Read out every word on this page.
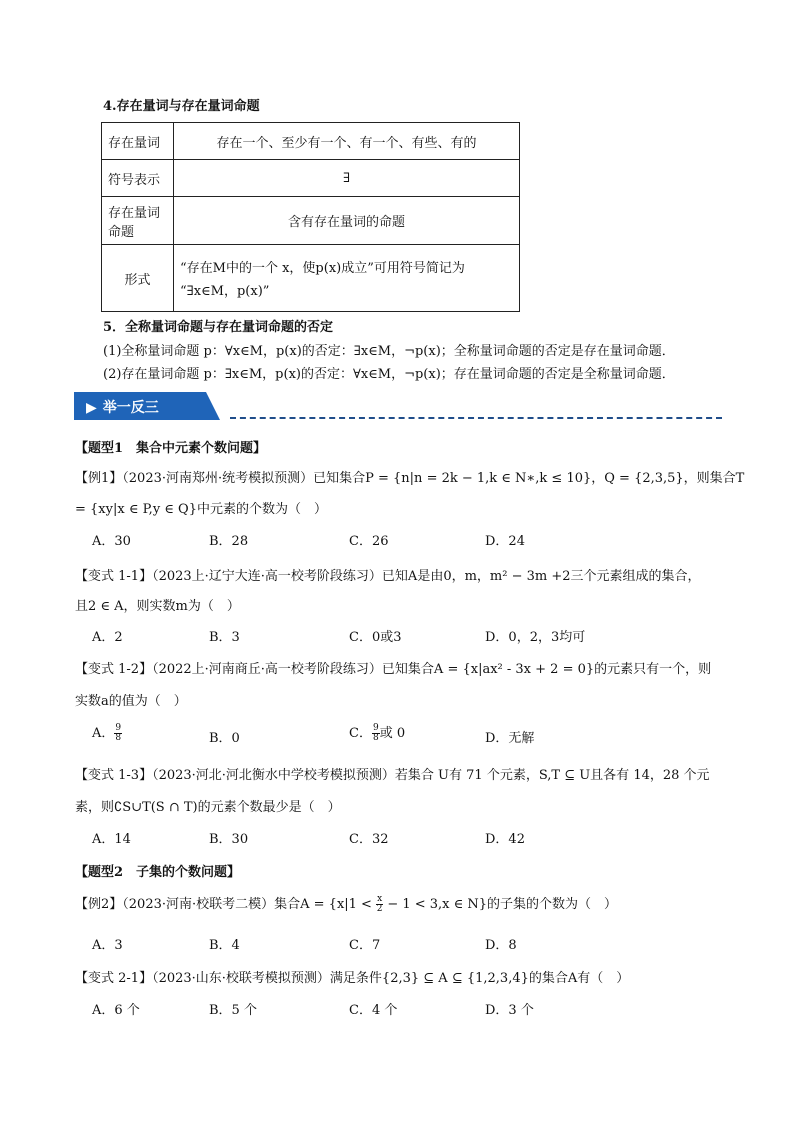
4.存在量词与存在量词命题
存在量词	存在一个、至少有一个、有一个、有些、有的
符号表示	∃

存在量词
命题	含有存在量词的命题
形式	“存在M中的一个 x，使p(x)成立”可用符号简记为
“∃x∈M，p(x)”
5．全称量词命题与存在量词命题的否定
(1)全称量词命题 p：∀x∈M，p(x)的否定：∃x∈M，¬p(x)；全称量词命题的否定是存在量词命题．
(2)存在量词命题 p：∃x∈M，p(x)的否定：∀x∈M，¬p(x)；存在量词命题的否定是全称量词命题．
▶ 举一反三
【题型1　集合中元素个数问题】
【例1】（2023·河南郑州·统考模拟预测）已知集合P = {n|n = 2k − 1,k ∈ N∗,k ≤ 10}，Q = {2,3,5}，则集合T
= {xy|x ∈ P,y ∈ Q}中元素的个数为（　）
A．30	B．28	C．26	D．24
【变式 1-1】（2023上·辽宁大连·高一校考阶段练习）已知A是由0，m，m² − 3m +2三个元素组成的集合，
且2 ∈ A，则实数m为（　）
A．2	B．3	C．0或3	D．0，2，3均可
【变式 1-2】（2022上·河南商丘·高一校考阶段练习）已知集合A = {x|ax² - 3x + 2 = 0}的元素只有一个，则
实数a的值为（　）
A． $\frac{9}{8}$	B．0	C． $\frac{9}{8}$ 或 0	D．无解
【变式 1-3】（2023·河北·河北衡水中学校考模拟预测）若集合 U有 71 个元素，S,T ⊆ U且各有 14，28 个元
素，则∁S∪T(S ∩ T)的元素个数最少是（　）
A．14	B．30	C．32	D．42
【题型2　子集的个数问题】
【例2】（2023·河南·校联考二模）集合$A = \{x|1 < \frac{x}{2} - 1 < 3,x$ ∈ N}的子集的个数为（　）
A．3	B．4	C．7	D．8
【变式 2-1】（2023·山东·校联考模拟预测）满足条件{2,3} ⊆ A ⊆ {1,2,3,4}的集合A有（　）
A．6 个	B．5 个	C．4 个	D．3 个
